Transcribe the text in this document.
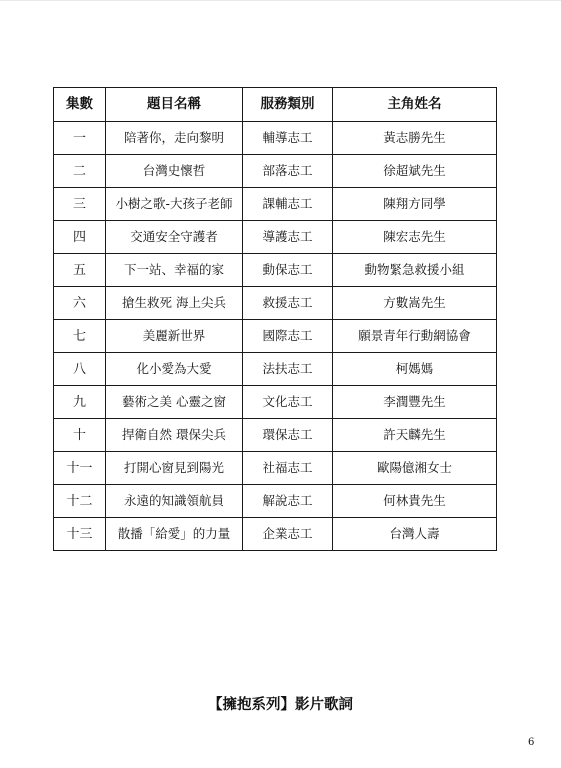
集數	題目名稱	服務類別	主角姓名
一	陪著你，走向黎明	輔導志工	黃志勝先生
二	台灣史懷哲	部落志工	徐超斌先生
三	小樹之歌-大孩子老師	課輔志工	陳翔方同學
四	交通安全守護者	導護志工	陳宏志先生
五	下一站、幸福的家	動保志工	動物緊急救援小組
六	搶生救死 海上尖兵	救援志工	方數嵩先生
七	美麗新世界	國際志工	願景青年行動網協會
八	化小愛為大愛	法扶志工	柯媽媽
九	藝術之美 心靈之窗	文化志工	李潤豐先生
十	捍衛自然 環保尖兵	環保志工	許天麟先生
十一	打開心窗見到陽光	社福志工	歐陽億湘女士
十二	永遠的知識領航員	解說志工	何林貴先生
十三	散播「給愛」的力量	企業志工	台灣人壽
【擁抱系列】影片歌詞
6
